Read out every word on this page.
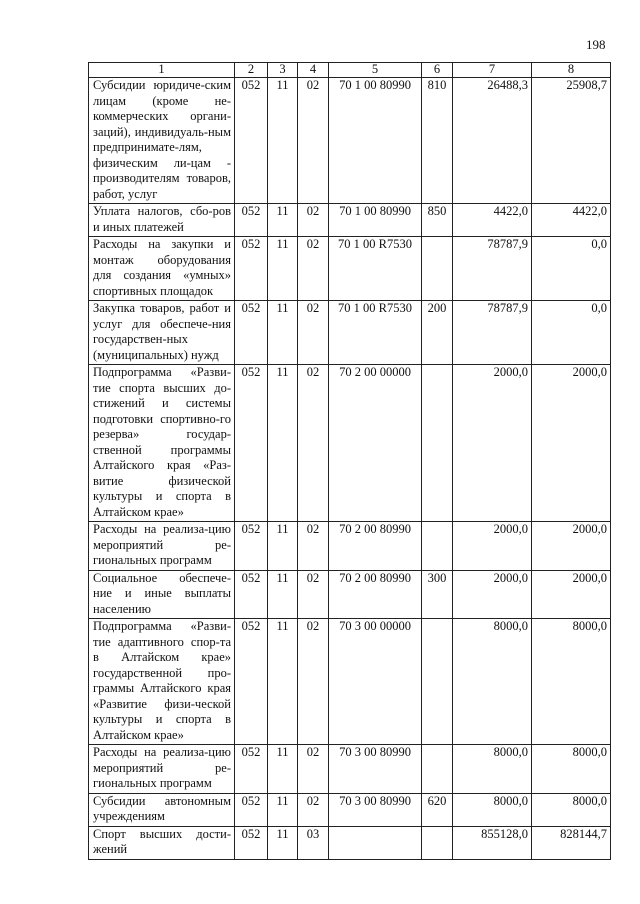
198
1	2	3	4	5	6	7	8
Субсидии юридиче-ским лицам (кроме не-коммерческих органи-заций), индивидуаль-ным предпринимате-лям, физическим ли-цам - производителям товаров, работ, услуг	052	11	02	70 1 00 80990	810	26488,3	25908,7
Уплата налогов, сбо-ров и иных платежей	052	11	02	70 1 00 80990	850	4422,0	4422,0
Расходы на закупки и монтаж оборудования для создания «умных» спортивных площадок	052	11	02	70 1 00 R7530		78787,9	0,0
Закупка товаров, работ и услуг для обеспече-ния государствен-ных (муниципальных) нужд	052	11	02	70 1 00 R7530	200	78787,9	0,0
Подпрограмма «Разви-тие спорта высших до-стижений и системы подготовки спортивно-го резерва» государ-ственной программы Алтайского края «Раз-витие физической культуры и спорта в Алтайском крае»	052	11	02	70 2 00 00000		2000,0	2000,0
Расходы на реализа-цию мероприятий ре-гиональных программ	052	11	02	70 2 00 80990		2000,0	2000,0
Социальное обеспече-ние и иные выплаты населению	052	11	02	70 2 00 80990	300	2000,0	2000,0
Подпрограмма «Разви-тие адаптивного спор-та в Алтайском крае» государственной про-граммы Алтайского края «Развитие физи-ческой культуры и спорта в Алтайском крае»	052	11	02	70 3 00 00000		8000,0	8000,0
Расходы на реализа-цию мероприятий ре-гиональных программ	052	11	02	70 3 00 80990		8000,0	8000,0
Субсидии автономным учреждениям	052	11	02	70 3 00 80990	620	8000,0	8000,0
Спорт высших дости-жений	052	11	03			855128,0	828144,7
